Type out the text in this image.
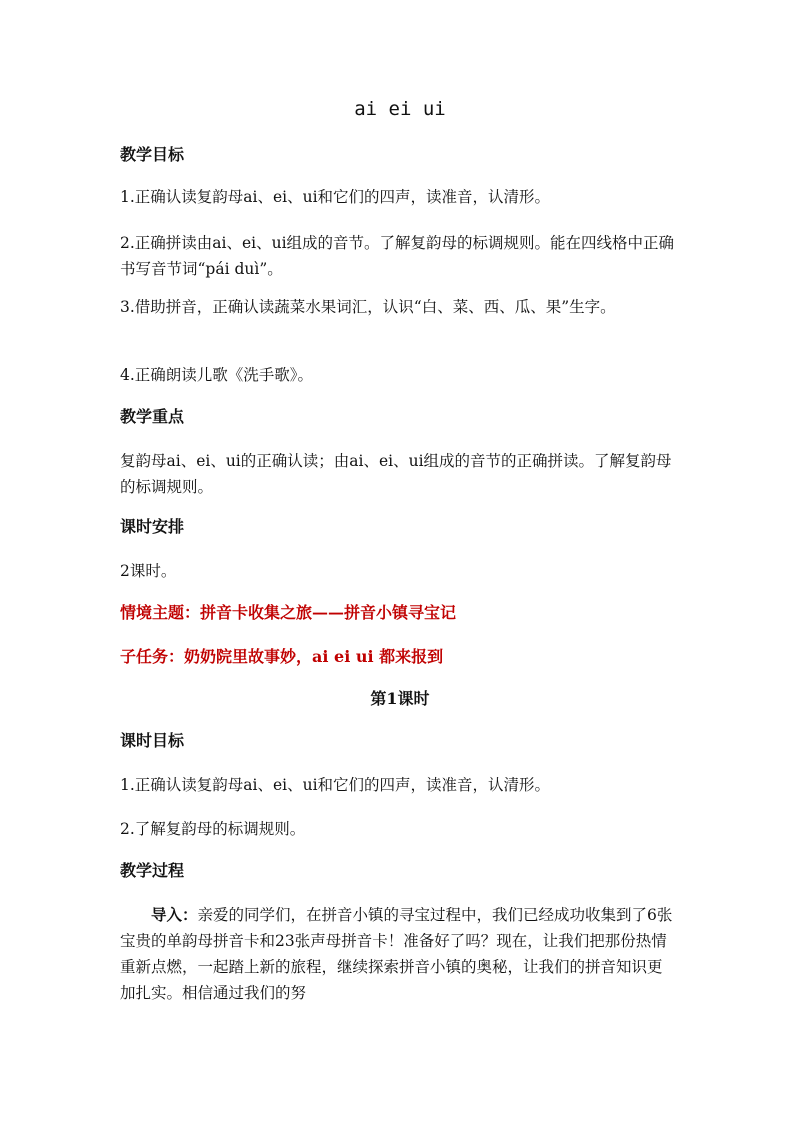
ai ei ui
教学目标
1.正确认读复韵母ai、ei、ui和它们的四声，读准音，认清形。
2.正确拼读由ai、ei、ui组成的音节。了解复韵母的标调规则。能在四线格中正确书写音节词“pái duì”。
3.借助拼音，正确认读蔬菜水果词汇，认识“白、菜、西、瓜、果”生字。
4.正确朗读儿歌《洗手歌》。
教学重点
复韵母ai、ei、ui的正确认读；由ai、ei、ui组成的音节的正确拼读。了解复韵母的标调规则。
课时安排
2课时。
情境主题：拼音卡收集之旅——拼音小镇寻宝记
子任务：奶奶院里故事妙，ai ei ui 都来报到
第1课时
课时目标
1.正确认读复韵母ai、ei、ui和它们的四声，读准音，认清形。
2.了解复韵母的标调规则。
教学过程
导入：亲爱的同学们，在拼音小镇的寻宝过程中，我们已经成功收集到了6张宝贵的单韵母拼音卡和23张声母拼音卡！准备好了吗？现在，让我们把那份热情重新点燃，一起踏上新的旅程，继续探索拼音小镇的奥秘，让我们的拼音知识更加扎实。相信通过我们的努
